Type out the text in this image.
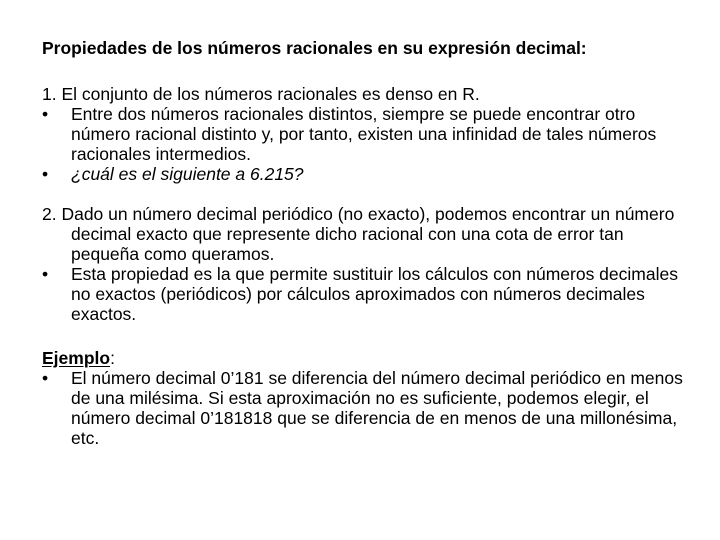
Propiedades de los números racionales en su expresión decimal:
1. El conjunto de los números racionales es denso en R.
• Entre dos números racionales distintos, siempre se puede encontrar otro número racional distinto y, por tanto, existen una infinidad de tales números racionales intermedios.
• ¿cuál es el siguiente a 6.215?
2. Dado un número decimal periódico (no exacto), podemos encontrar un número decimal exacto que represente dicho racional con una cota de error tan pequeña como queramos.
• Esta propiedad es la que permite sustituir los cálculos con números decimales no exactos (periódicos) por cálculos aproximados con números decimales exactos.
Ejemplo:
• El número decimal 0’181 se diferencia del número decimal periódico en menos de una milésima. Si esta aproximación no es suficiente, podemos elegir, el número decimal 0’181818 que se diferencia de en menos de una millonésima, etc.
